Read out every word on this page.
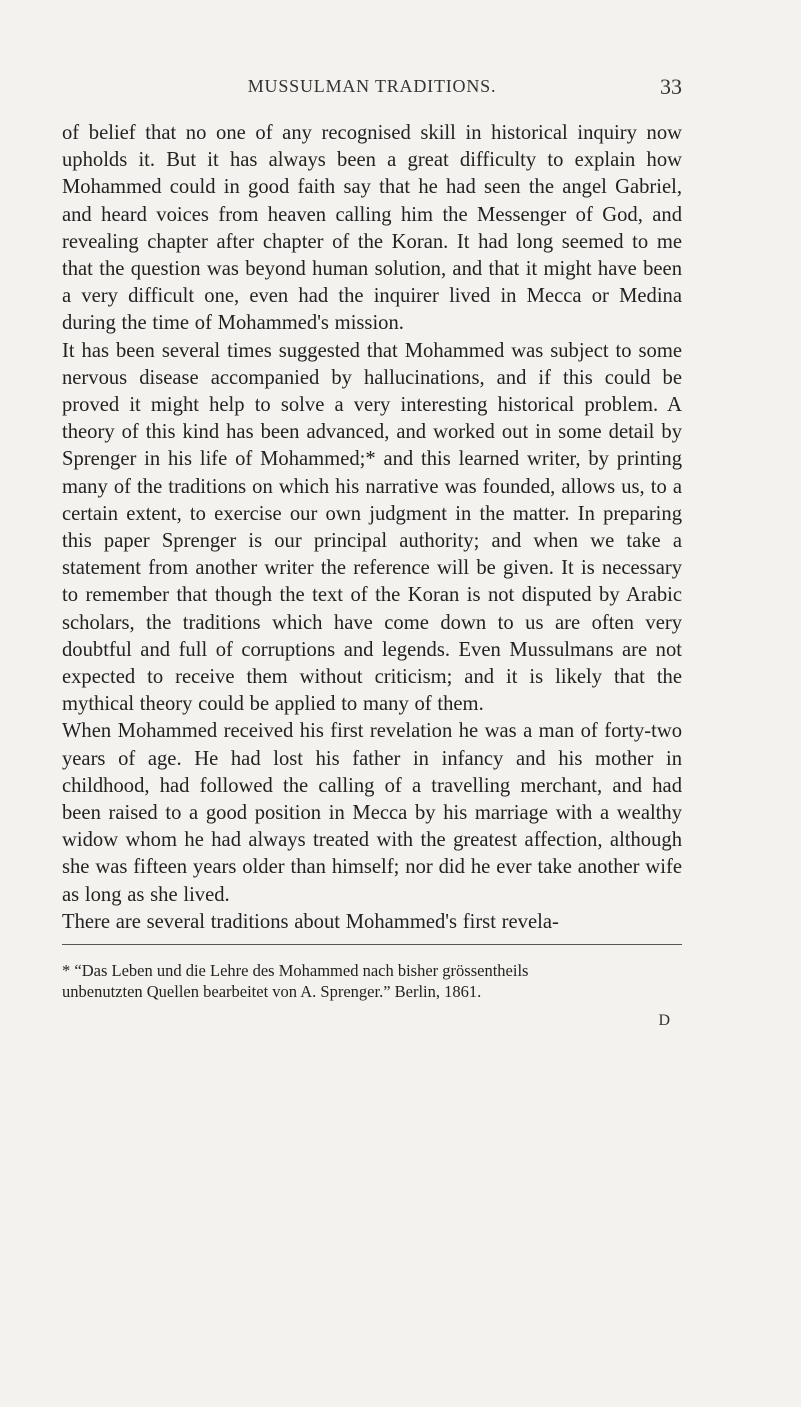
MUSSULMAN TRADITIONS.	33

of belief that no one of any recognised skill in historical inquiry now upholds it. But it has always been a great difficulty to explain how Mohammed could in good faith say that he had seen the angel Gabriel, and heard voices from heaven calling him the Messenger of God, and revealing chapter after chapter of the Koran. It had long seemed to me that the question was beyond human solution, and that it might have been a very difficult one, even had the inquirer lived in Mecca or Medina during the time of Mohammed's mission.

It has been several times suggested that Mohammed was subject to some nervous disease accompanied by hallucinations, and if this could be proved it might help to solve a very interesting historical problem. A theory of this kind has been advanced, and worked out in some detail by Sprenger in his life of Mohammed;* and this learned writer, by printing many of the traditions on which his narrative was founded, allows us, to a certain extent, to exercise our own judgment in the matter. In preparing this paper Sprenger is our principal authority; and when we take a statement from another writer the reference will be given. It is necessary to remember that though the text of the Koran is not disputed by Arabic scholars, the traditions which have come down to us are often very doubtful and full of corruptions and legends. Even Mussulmans are not expected to receive them without criticism; and it is likely that the mythical theory could be applied to many of them.

When Mohammed received his first revelation he was a man of forty-two years of age. He had lost his father in infancy and his mother in childhood, had followed the calling of a travelling merchant, and had been raised to a good position in Mecca by his marriage with a wealthy widow whom he had always treated with the greatest affection, although she was fifteen years older than himself; nor did he ever take another wife as long as she lived.

There are several traditions about Mohammed's first revela-

* “Das Leben und die Lehre des Mohammed nach bisher grössentheils
unbenutzten Quellen bearbeitet von A. Sprenger.” Berlin, 1861.
D
